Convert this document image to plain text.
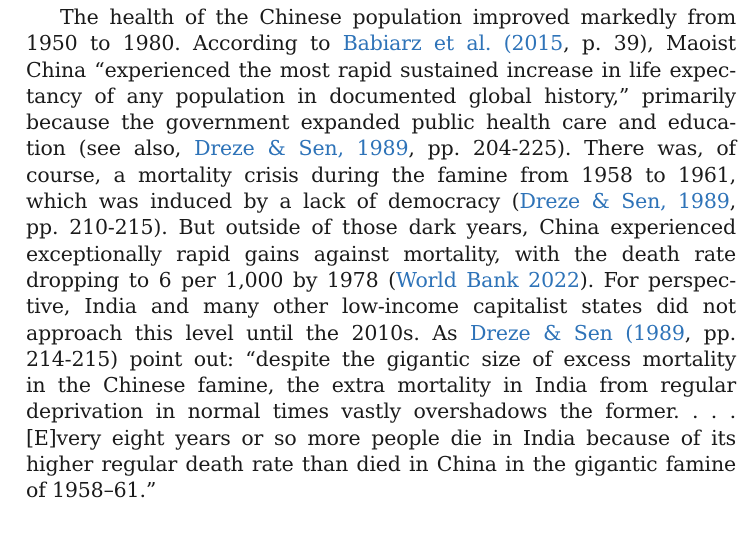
The health of the Chinese population improved markedly from
1950 to 1980. According to Babiarz et al. (2015, p. 39), Maoist
China “experienced the most rapid sustained increase in life expec-
tancy of any population in documented global history,” primarily
because the government expanded public health care and educa-
tion (see also, Dreze & Sen, 1989, pp. 204-225). There was, of
course, a mortality crisis during the famine from 1958 to 1961,
which was induced by a lack of democracy (Dreze & Sen, 1989,
pp. 210-215). But outside of those dark years, China experienced
exceptionally rapid gains against mortality, with the death rate
dropping to 6 per 1,000 by 1978 (World Bank 2022). For perspec-
tive, India and many other low-income capitalist states did not
approach this level until the 2010s. As Dreze & Sen (1989, pp.
214-215) point out: “despite the gigantic size of excess mortality
in the Chinese famine, the extra mortality in India from regular
deprivation in normal times vastly overshadows the former. . . .
[E]very eight years or so more people die in India because of its
higher regular death rate than died in China in the gigantic famine
of 1958–61.”
